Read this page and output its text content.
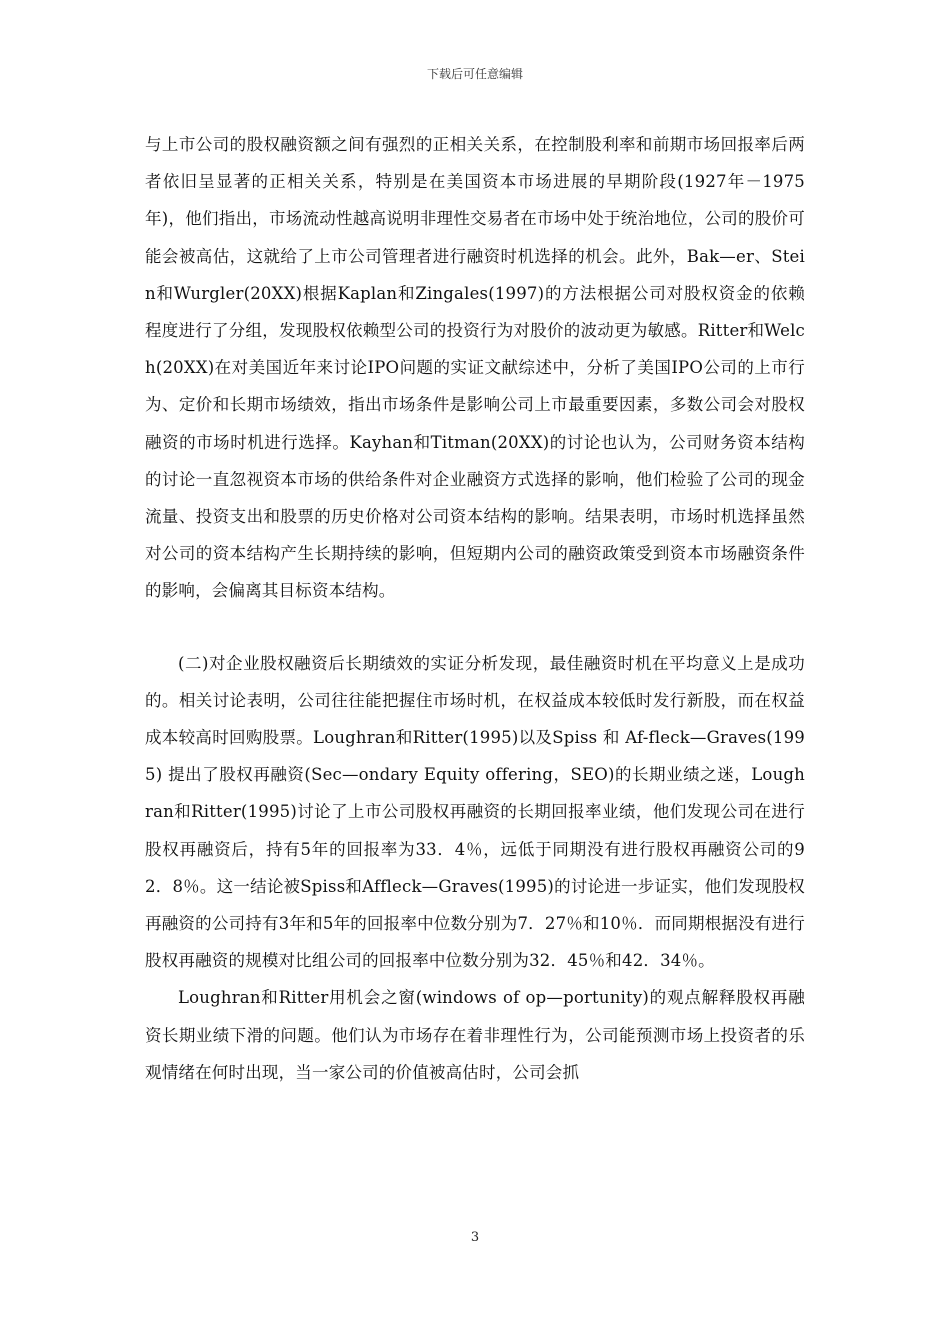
下载后可任意编辑

与上市公司的股权融资额之间有强烈的正相关关系，在控制股利率和前期市场回报率后两者依旧呈显著的正相关关系，特别是在美国资本市场进展的早期阶段(1927年－1975年)，他们指出，市场流动性越高说明非理性交易者在市场中处于统治地位，公司的股价可能会被高估，这就给了上市公司管理者进行融资时机选择的机会。此外，Bak—er、Stein和Wurgler(20XX)根据Kaplan和Zingales(1997)的方法根据公司对股权资金的依赖程度进行了分组，发现股权依赖型公司的投资行为对股价的波动更为敏感。Ritter和Welch(20XX)在对美国近年来讨论IPO问题的实证文献综述中，分析了美国IPO公司的上市行为、定价和长期市场绩效，指出市场条件是影响公司上市最重要因素，多数公司会对股权融资的市场时机进行选择。Kayhan和Titman(20XX)的讨论也认为，公司财务资本结构的讨论一直忽视资本市场的供给条件对企业融资方式选择的影响，他们检验了公司的现金流量、投资支出和股票的历史价格对公司资本结构的影响。结果表明，市场时机选择虽然对公司的资本结构产生长期持续的影响，但短期内公司的融资政策受到资本市场融资条件的影响，会偏离其目标资本结构。

(二)对企业股权融资后长期绩效的实证分析发现，最佳融资时机在平均意义上是成功的。相关讨论表明，公司往往能把握住市场时机，在权益成本较低时发行新股，而在权益成本较高时回购股票。Loughran和Ritter(1995)以及Spiss 和 Af-fleck—Graves(1995) 提出了股权再融资(Sec—ondary Equity offering，SEO)的长期业绩之迷，Loughran和Ritter(1995)讨论了上市公司股权再融资的长期回报率业绩，他们发现公司在进行股权再融资后，持有5年的回报率为33．4％，远低于同期没有进行股权再融资公司的92．8％。这一结论被Spiss和Affleck—Graves(1995)的讨论进一步证实，他们发现股权再融资的公司持有3年和5年的回报率中位数分别为7．27％和10％．而同期根据没有进行股权再融资的规模对比组公司的回报率中位数分别为32．45％和42．34％。

Loughran和Ritter用机会之窗(windows of op—portunity)的观点解释股权再融资长期业绩下滑的问题。他们认为市场存在着非理性行为，公司能预测市场上投资者的乐观情绪在何时出现，当一家公司的价值被高估时，公司会抓

3
